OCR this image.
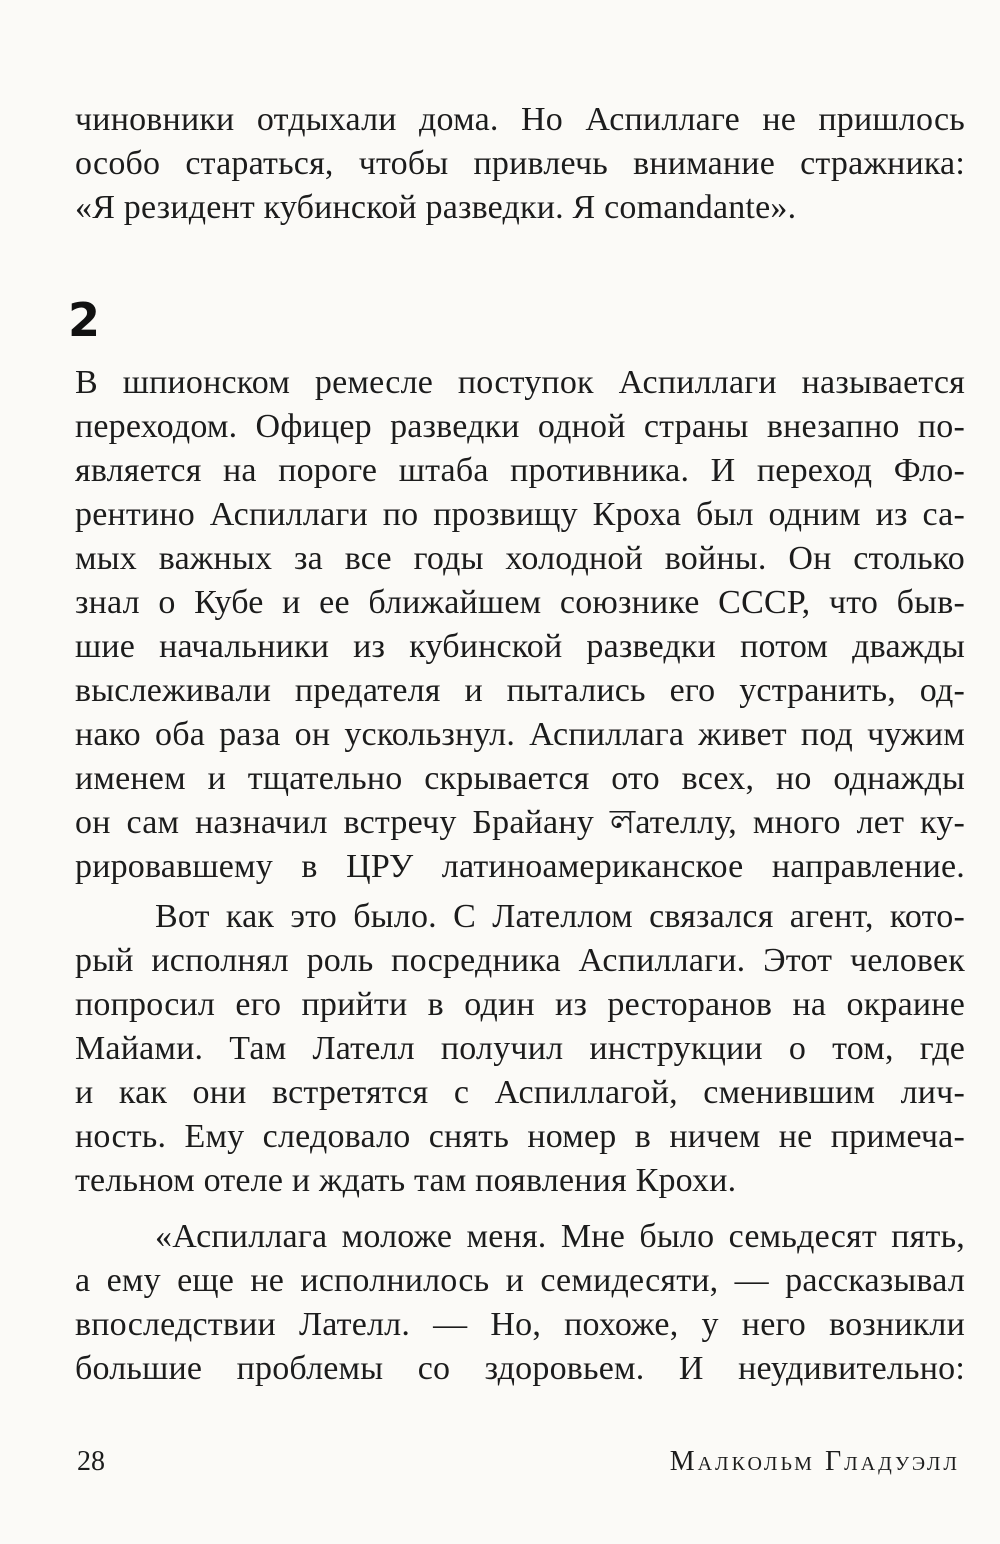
чиновники отдыхали дома. Но Аспиллаге не пришлось
особо стараться, чтобы привлечь внимание стражника:
«Я резидент кубинской разведки. Я comandante».
2
В шпионском ремесле поступок Аспиллаги называется
переходом. Офицер разведки одной страны внезапно по-
является на пороге штаба противника. И переход Фло-
рентино Аспиллаги по прозвищу Кроха был одним из са-
мых важных за все годы холодной войны. Он столько
знал о Кубе и ее ближайшем союзнике СССР, что быв-
шие начальники из кубинской разведки потом дважды
выслеживали предателя и пытались его устранить, од-
нако оба раза он ускользнул. Аспиллага живет под чужим
именем и тщательно скрывается ото всех, но однажды
он сам назначил встречу Брайану লателлу, много лет ку-
рировавшему в ЦРУ латиноамериканское направление.
Вот как это было. С Лателлом связался агент, кото-
рый исполнял роль посредника Аспиллаги. Этот человек
попросил его прийти в один из ресторанов на окраине
Майами. Там Лателл получил инструкции о том, где
и как они встретятся с Аспиллагой, сменившим лич-
ность. Ему следовало снять номер в ничем не примеча-
тельном отеле и ждать там появления Крохи.
«Аспиллага моложе меня. Мне было семьдесят пять,
а ему еще не исполнилось и семидесяти, — рассказывал
впоследствии Лателл. — Но, похоже, у него возникли
большие проблемы со здоровьем. И неудивительно:
28	Малкольм Гладуэлл
